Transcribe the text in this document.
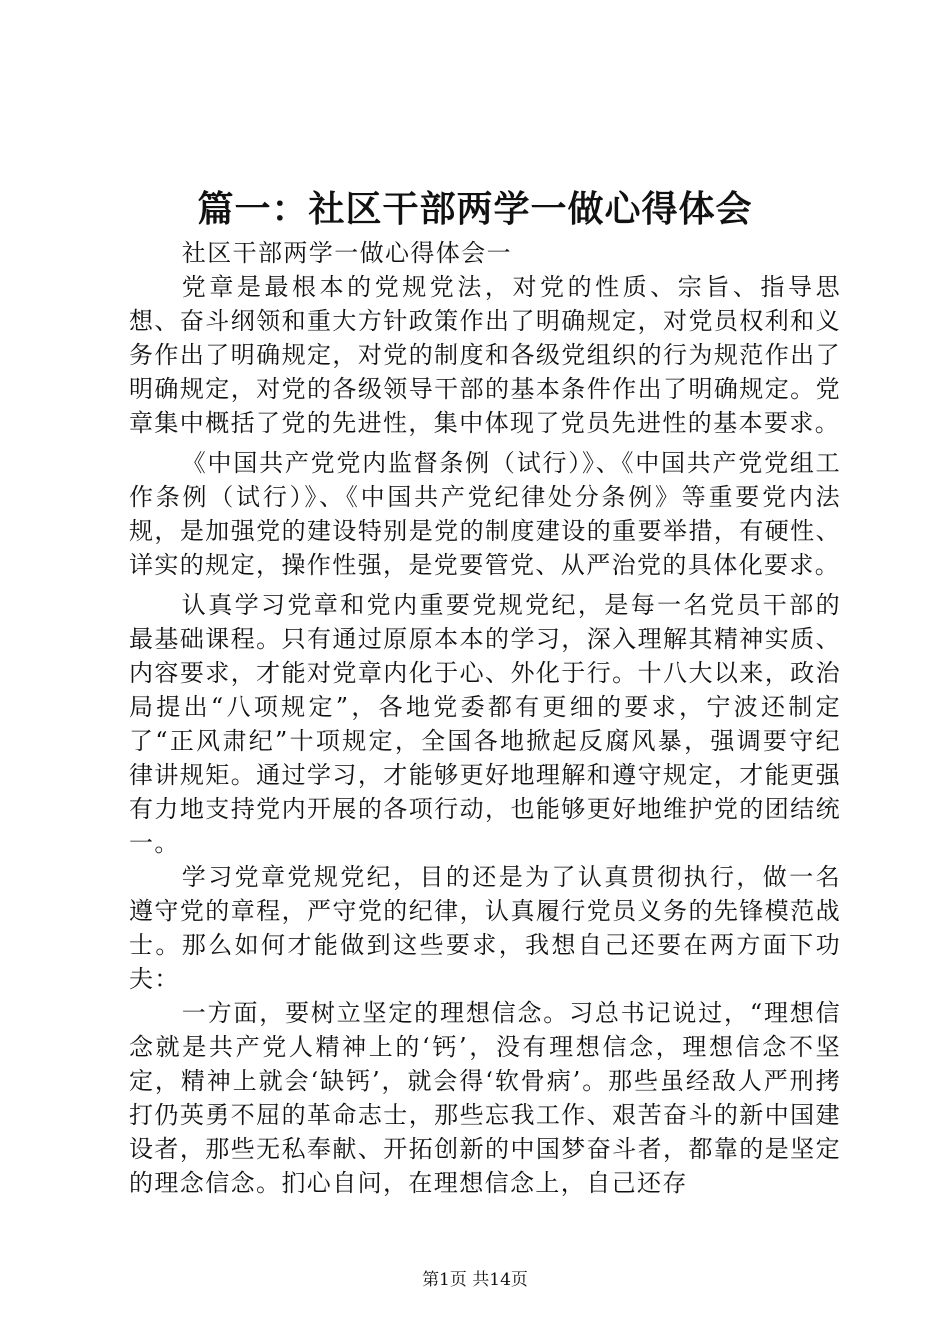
篇一：社区干部两学一做心得体会

社区干部两学一做心得体会一

党章是最根本的党规党法，对党的性质、宗旨、指导思想、奋斗纲领和重大方针政策作出了明确规定，对党员权利和义务作出了明确规定，对党的制度和各级党组织的行为规范作出了明确规定，对党的各级领导干部的基本条件作出了明确规定。党章集中概括了党的先进性，集中体现了党员先进性的基本要求。

《中国共产党党内监督条例（试行）》、《中国共产党党组工作条例（试行）》、《中国共产党纪律处分条例》等重要党内法规，是加强党的建设特别是党的制度建设的重要举措，有硬性、详实的规定，操作性强，是党要管党、从严治党的具体化要求。

认真学习党章和党内重要党规党纪，是每一名党员干部的最基础课程。只有通过原原本本的学习，深入理解其精神实质、内容要求，才能对党章内化于心、外化于行。十八大以来，政治局提出“八项规定”，各地党委都有更细的要求，宁波还制定了“正风肃纪”十项规定，全国各地掀起反腐风暴，强调要守纪律讲规矩。通过学习，才能够更好地理解和遵守规定，才能更强有力地支持党内开展的各项行动，也能够更好地维护党的团结统一。

学习党章党规党纪，目的还是为了认真贯彻执行，做一名遵守党的章程，严守党的纪律，认真履行党员义务的先锋模范战士。那么如何才能做到这些要求，我想自己还要在两方面下功夫：

一方面，要树立坚定的理想信念。习总书记说过，“理想信念就是共产党人精神上的‘钙’，没有理想信念，理想信念不坚定，精神上就会‘缺钙’，就会得‘软骨病’。那些虽经敌人严刑拷打仍英勇不屈的革命志士，那些忘我工作、艰苦奋斗的新中国建设者，那些无私奉献、开拓创新的中国梦奋斗者，都靠的是坚定的理念信念。扪心自问，在理想信念上，自己还存

第1页 共14页
